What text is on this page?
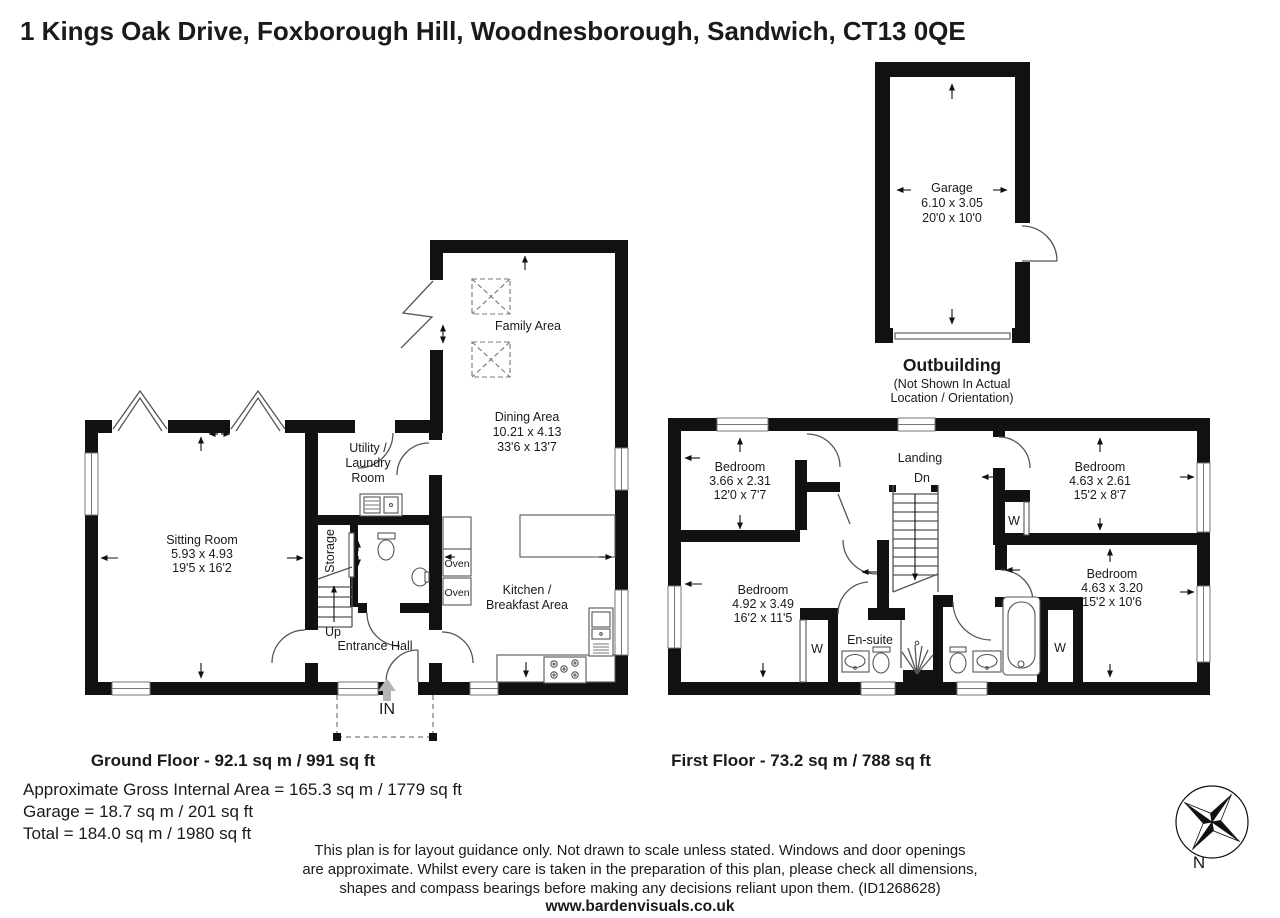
1 Kings Oak Drive, Foxborough Hill, Woodnesborough, Sandwich, CT13 0QE
Oven
Oven
Sitting Room
5.93 x 4.93
19'5 x 16'2
Family Area
Dining Area
10.21 x 4.13
33'6 x 13'7
Kitchen /
Breakfast Area
Utility /
Laundry
Room
Storage
Up
Entrance Hall
IN
Bedroom
3.66 x 2.31
12'0 x 7'7
Bedroom
4.92 x 3.49
16'2 x 11'5
Bedroom
4.63 x 2.61
15'2 x 8'7
Bedroom
4.63 x 3.20
15'2 x 10'6
Landing
Dn
En-suite
W	W
W
Garage
6.10 x 3.05
20'0 x 10'0
Outbuilding
(Not Shown In Actual
Location / Orientation)
Ground Floor - 92.1 sq m / 991 sq ft	First Floor - 73.2 sq m / 788 sq ft
Approximate Gross Internal Area = 165.3 sq m / 1779 sq ft
Garage = 18.7 sq m / 201 sq ft
Total = 184.0 sq m / 1980 sq ft
This plan is for layout guidance only. Not drawn to scale unless stated. Windows and door openings
are approximate. Whilst every care is taken in the preparation of this plan, please check all dimensions,
shapes and compass bearings before making any decisions reliant upon them. (ID1268628)
www.bardenvisuals.co.uk
N
